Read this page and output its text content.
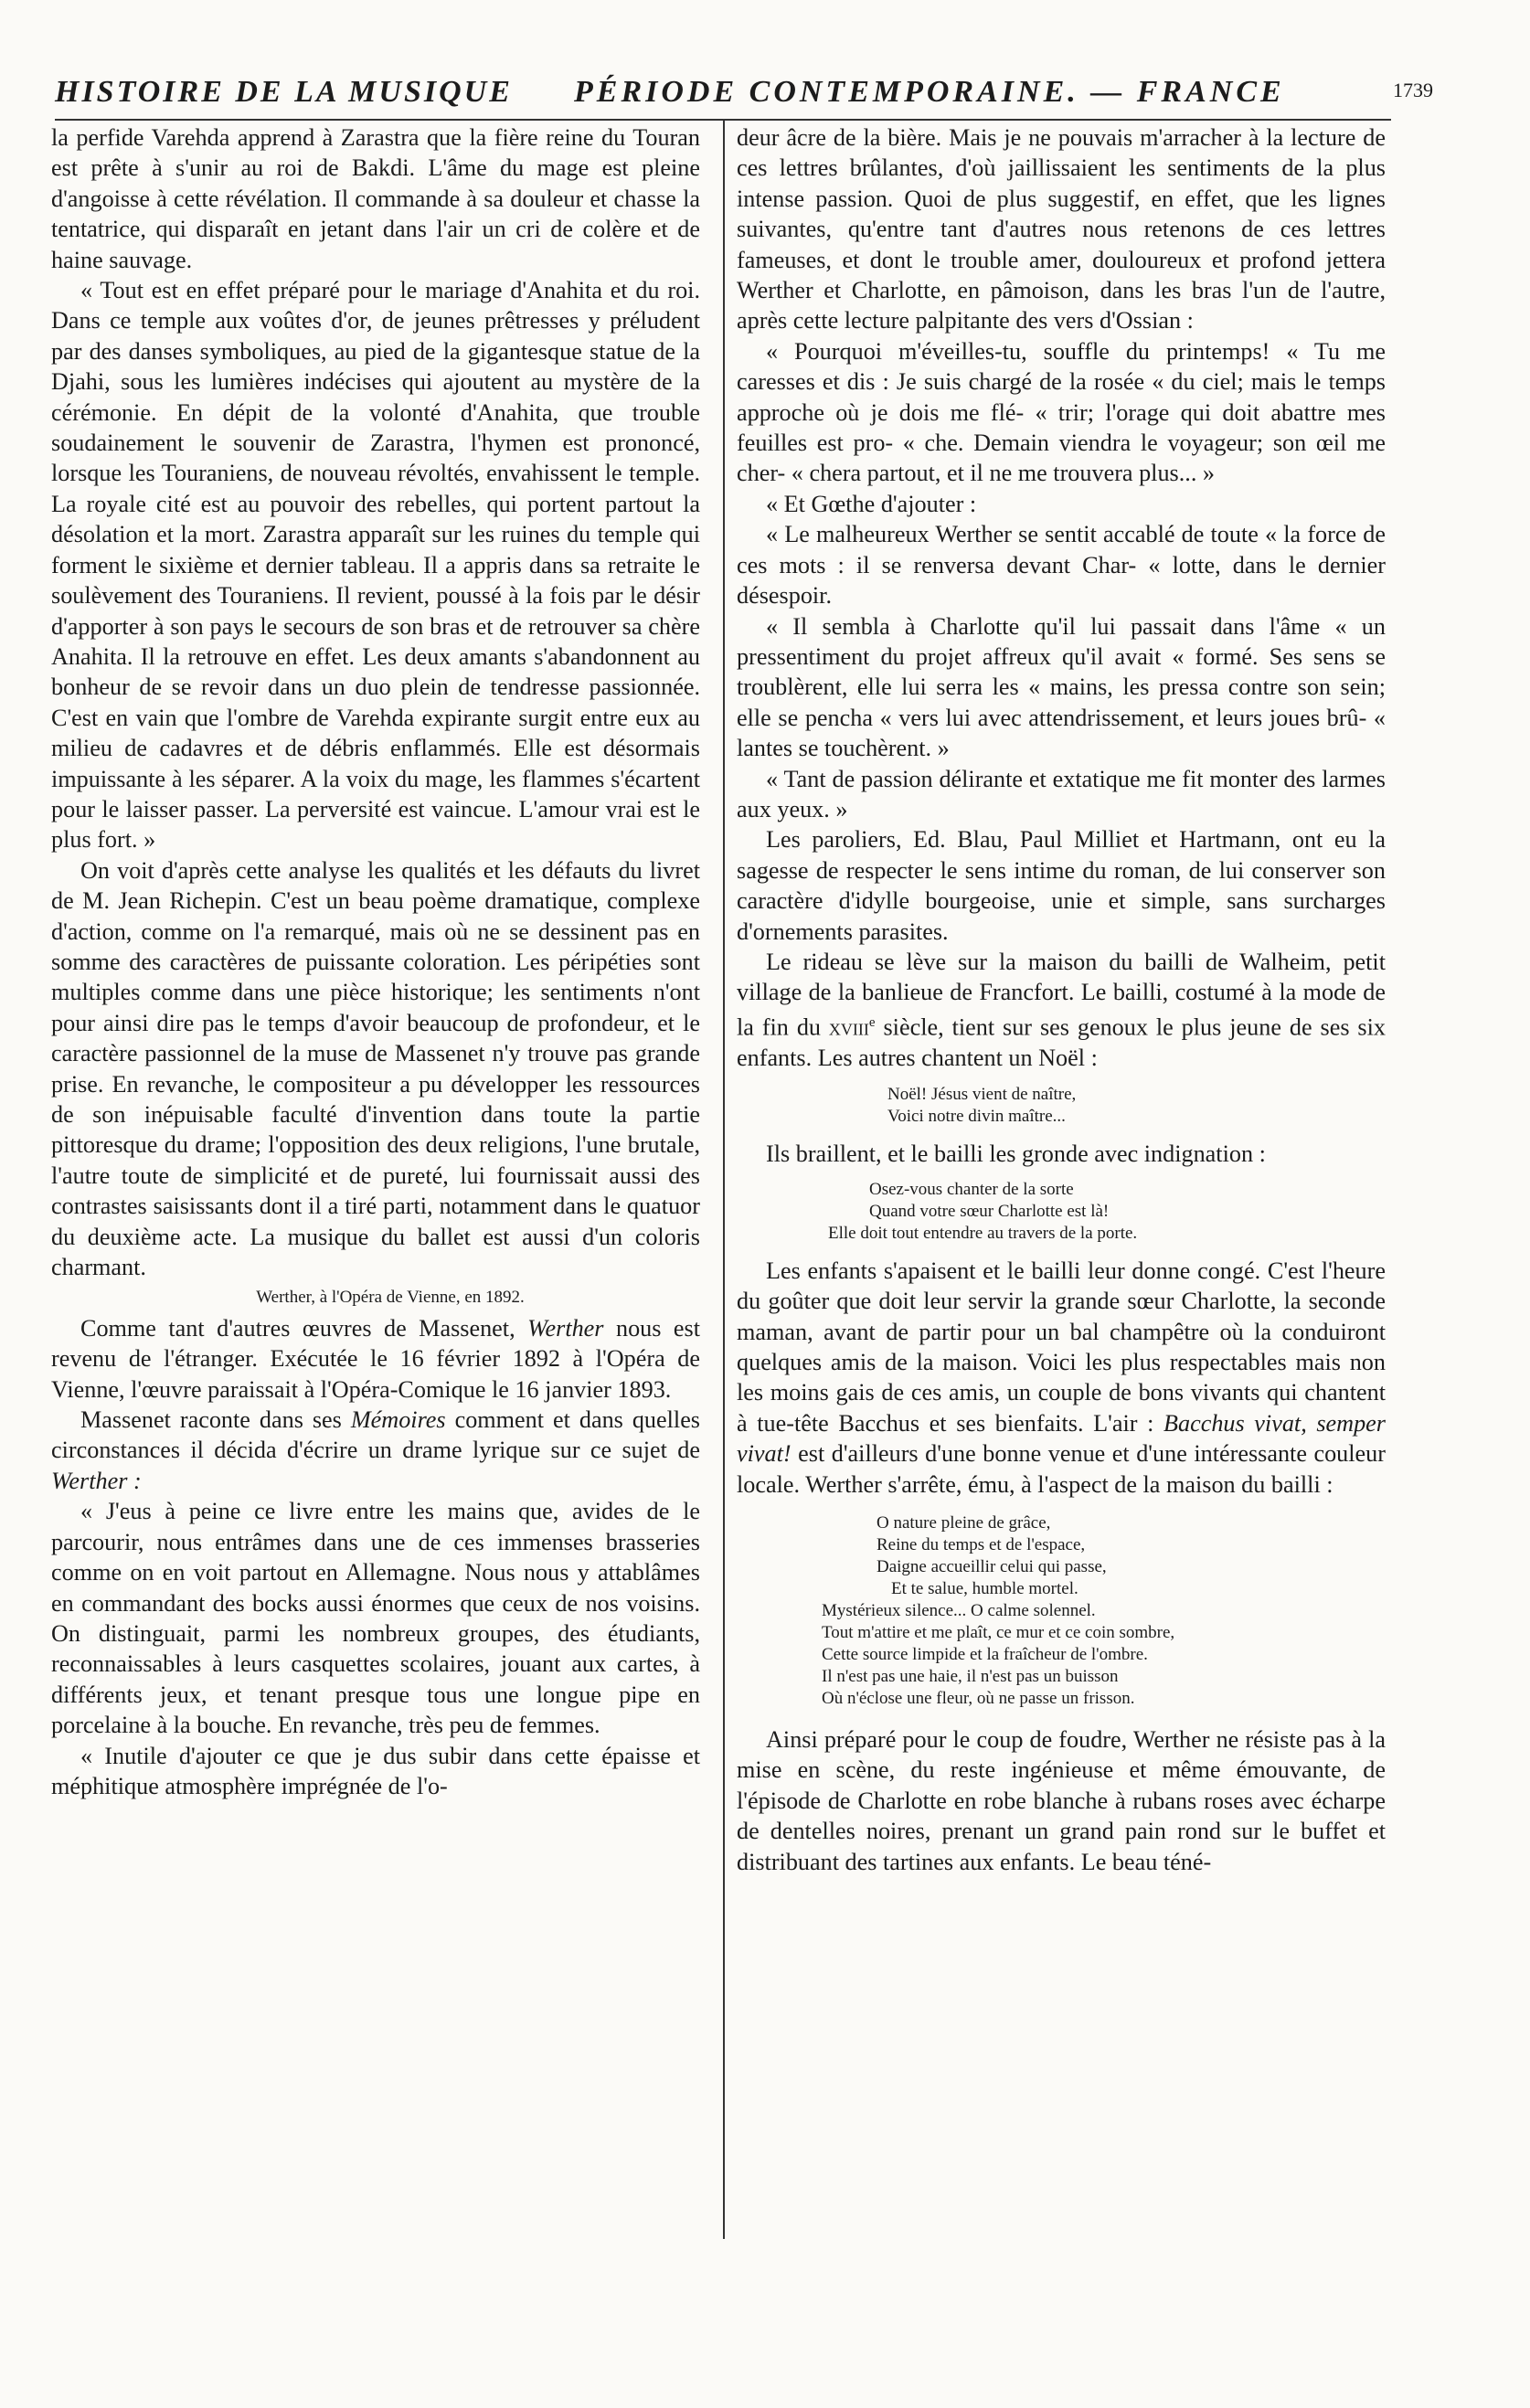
HISTOIRE DE LA MUSIQUE PÉRIODE CONTEMPORAINE. — FRANCE	1739

la perfide Varehda apprend à Zarastra que la fière reine du Touran est prête à s'unir au roi de Bakdi. L'âme du mage est pleine d'angoisse à cette révélation. Il commande à sa douleur et chasse la tentatrice, qui disparaît en jetant dans l'air un cri de colère et de haine sauvage.

« Tout est en effet préparé pour le mariage d'Anahita et du roi. Dans ce temple aux voûtes d'or, de jeunes prêtresses y préludent par des danses symboliques, au pied de la gigantesque statue de la Djahi, sous les lumières indécises qui ajoutent au mystère de la cérémonie. En dépit de la volonté d'Anahita, que trouble soudainement le souvenir de Zarastra, l'hymen est prononcé, lorsque les Touraniens, de nouveau révoltés, envahissent le temple. La royale cité est au pouvoir des rebelles, qui portent partout la désolation et la mort. Zarastra apparaît sur les ruines du temple qui forment le sixième et dernier tableau. Il a appris dans sa retraite le soulèvement des Touraniens. Il revient, poussé à la fois par le désir d'apporter à son pays le secours de son bras et de retrouver sa chère Anahita. Il la retrouve en effet. Les deux amants s'abandonnent au bonheur de se revoir dans un duo plein de tendresse passionnée. C'est en vain que l'ombre de Varehda expirante surgit entre eux au milieu de cadavres et de débris enflammés. Elle est désormais impuissante à les séparer. A la voix du mage, les flammes s'écartent pour le laisser passer. La perversité est vaincue. L'amour vrai est le plus fort. »

On voit d'après cette analyse les qualités et les défauts du livret de M. Jean Richepin. C'est un beau poème dramatique, complexe d'action, comme on l'a remarqué, mais où ne se dessinent pas en somme des caractères de puissante coloration. Les péripéties sont multiples comme dans une pièce historique; les sentiments n'ont pour ainsi dire pas le temps d'avoir beaucoup de profondeur, et le caractère passionnel de la muse de Massenet n'y trouve pas grande prise. En revanche, le compositeur a pu développer les ressources de son inépuisable faculté d'invention dans toute la partie pittoresque du drame; l'opposition des deux religions, l'une brutale, l'autre toute de simplicité et de pureté, lui fournissait aussi des contrastes saisissants dont il a tiré parti, notamment dans le quatuor du deuxième acte. La musique du ballet est aussi d'un coloris charmant.

Werther, à l'Opéra de Vienne, en 1892.

Comme tant d'autres œuvres de Massenet, Werther nous est revenu de l'étranger. Exécutée le 16 février 1892 à l'Opéra de Vienne, l'œuvre paraissait à l'Opéra-Comique le 16 janvier 1893.

Massenet raconte dans ses Mémoires comment et dans quelles circonstances il décida d'écrire un drame lyrique sur ce sujet de Werther :

« J'eus à peine ce livre entre les mains que, avides de le parcourir, nous entrâmes dans une de ces immenses brasseries comme on en voit partout en Allemagne. Nous nous y attablâmes en commandant des bocks aussi énormes que ceux de nos voisins. On distinguait, parmi les nombreux groupes, des étudiants, reconnaissables à leurs casquettes scolaires, jouant aux cartes, à différents jeux, et tenant presque tous une longue pipe en porcelaine à la bouche. En revanche, très peu de femmes.

« Inutile d'ajouter ce que je dus subir dans cette épaisse et méphitique atmosphère imprégnée de l'o-

deur âcre de la bière. Mais je ne pouvais m'arracher à la lecture de ces lettres brûlantes, d'où jaillissaient les sentiments de la plus intense passion. Quoi de plus suggestif, en effet, que les lignes suivantes, qu'entre tant d'autres nous retenons de ces lettres fameuses, et dont le trouble amer, douloureux et profond jettera Werther et Charlotte, en pâmoison, dans les bras l'un de l'autre, après cette lecture palpitante des vers d'Ossian :

« Pourquoi m'éveilles-tu, souffle du printemps! « Tu me caresses et dis : Je suis chargé de la rosée « du ciel; mais le temps approche où je dois me flé- « trir; l'orage qui doit abattre mes feuilles est pro- « che. Demain viendra le voyageur; son œil me cher- « chera partout, et il ne me trouvera plus... »

« Et Gœthe d'ajouter :

« Le malheureux Werther se sentit accablé de toute « la force de ces mots : il se renversa devant Char- « lotte, dans le dernier désespoir.

« Il sembla à Charlotte qu'il lui passait dans l'âme « un pressentiment du projet affreux qu'il avait « formé. Ses sens se troublèrent, elle lui serra les « mains, les pressa contre son sein; elle se pencha « vers lui avec attendrissement, et leurs joues brû- « lantes se touchèrent. »

« Tant de passion délirante et extatique me fit monter des larmes aux yeux. »

Les paroliers, Ed. Blau, Paul Milliet et Hartmann, ont eu la sagesse de respecter le sens intime du roman, de lui conserver son caractère d'idylle bourgeoise, unie et simple, sans surcharges d'ornements parasites.

Le rideau se lève sur la maison du bailli de Walheim, petit village de la banlieue de Francfort. Le bailli, costumé à la mode de la fin du xviii$^e$ siècle, tient sur ses genoux le plus jeune de ses six enfants. Les autres chantent un Noël :

Noël! Jésus vient de naître,
Voici notre divin maître...

Ils braillent, et le bailli les gronde avec indignation :

Osez-vous chanter de la sorte
Quand votre sœur Charlotte est là!
Elle doit tout entendre au travers de la porte.

Les enfants s'apaisent et le bailli leur donne congé. C'est l'heure du goûter que doit leur servir la grande sœur Charlotte, la seconde maman, avant de partir pour un bal champêtre où la conduiront quelques amis de la maison. Voici les plus respectables mais non les moins gais de ces amis, un couple de bons vivants qui chantent à tue-tête Bacchus et ses bienfaits. L'air : Bacchus vivat, semper vivat! est d'ailleurs d'une bonne venue et d'une intéressante couleur locale. Werther s'arrête, ému, à l'aspect de la maison du bailli :

O nature pleine de grâce,
Reine du temps et de l'espace,
Daigne accueillir celui qui passe,
Et te salue, humble mortel.
Mystérieux silence... O calme solennel.
Tout m'attire et me plaît, ce mur et ce coin sombre,
Cette source limpide et la fraîcheur de l'ombre.
Il n'est pas une haie, il n'est pas un buisson
Où n'éclose une fleur, où ne passe un frisson.

Ainsi préparé pour le coup de foudre, Werther ne résiste pas à la mise en scène, du reste ingénieuse et même émouvante, de l'épisode de Charlotte en robe blanche à rubans roses avec écharpe de dentelles noires, prenant un grand pain rond sur le buffet et distribuant des tartines aux enfants. Le beau téné-
